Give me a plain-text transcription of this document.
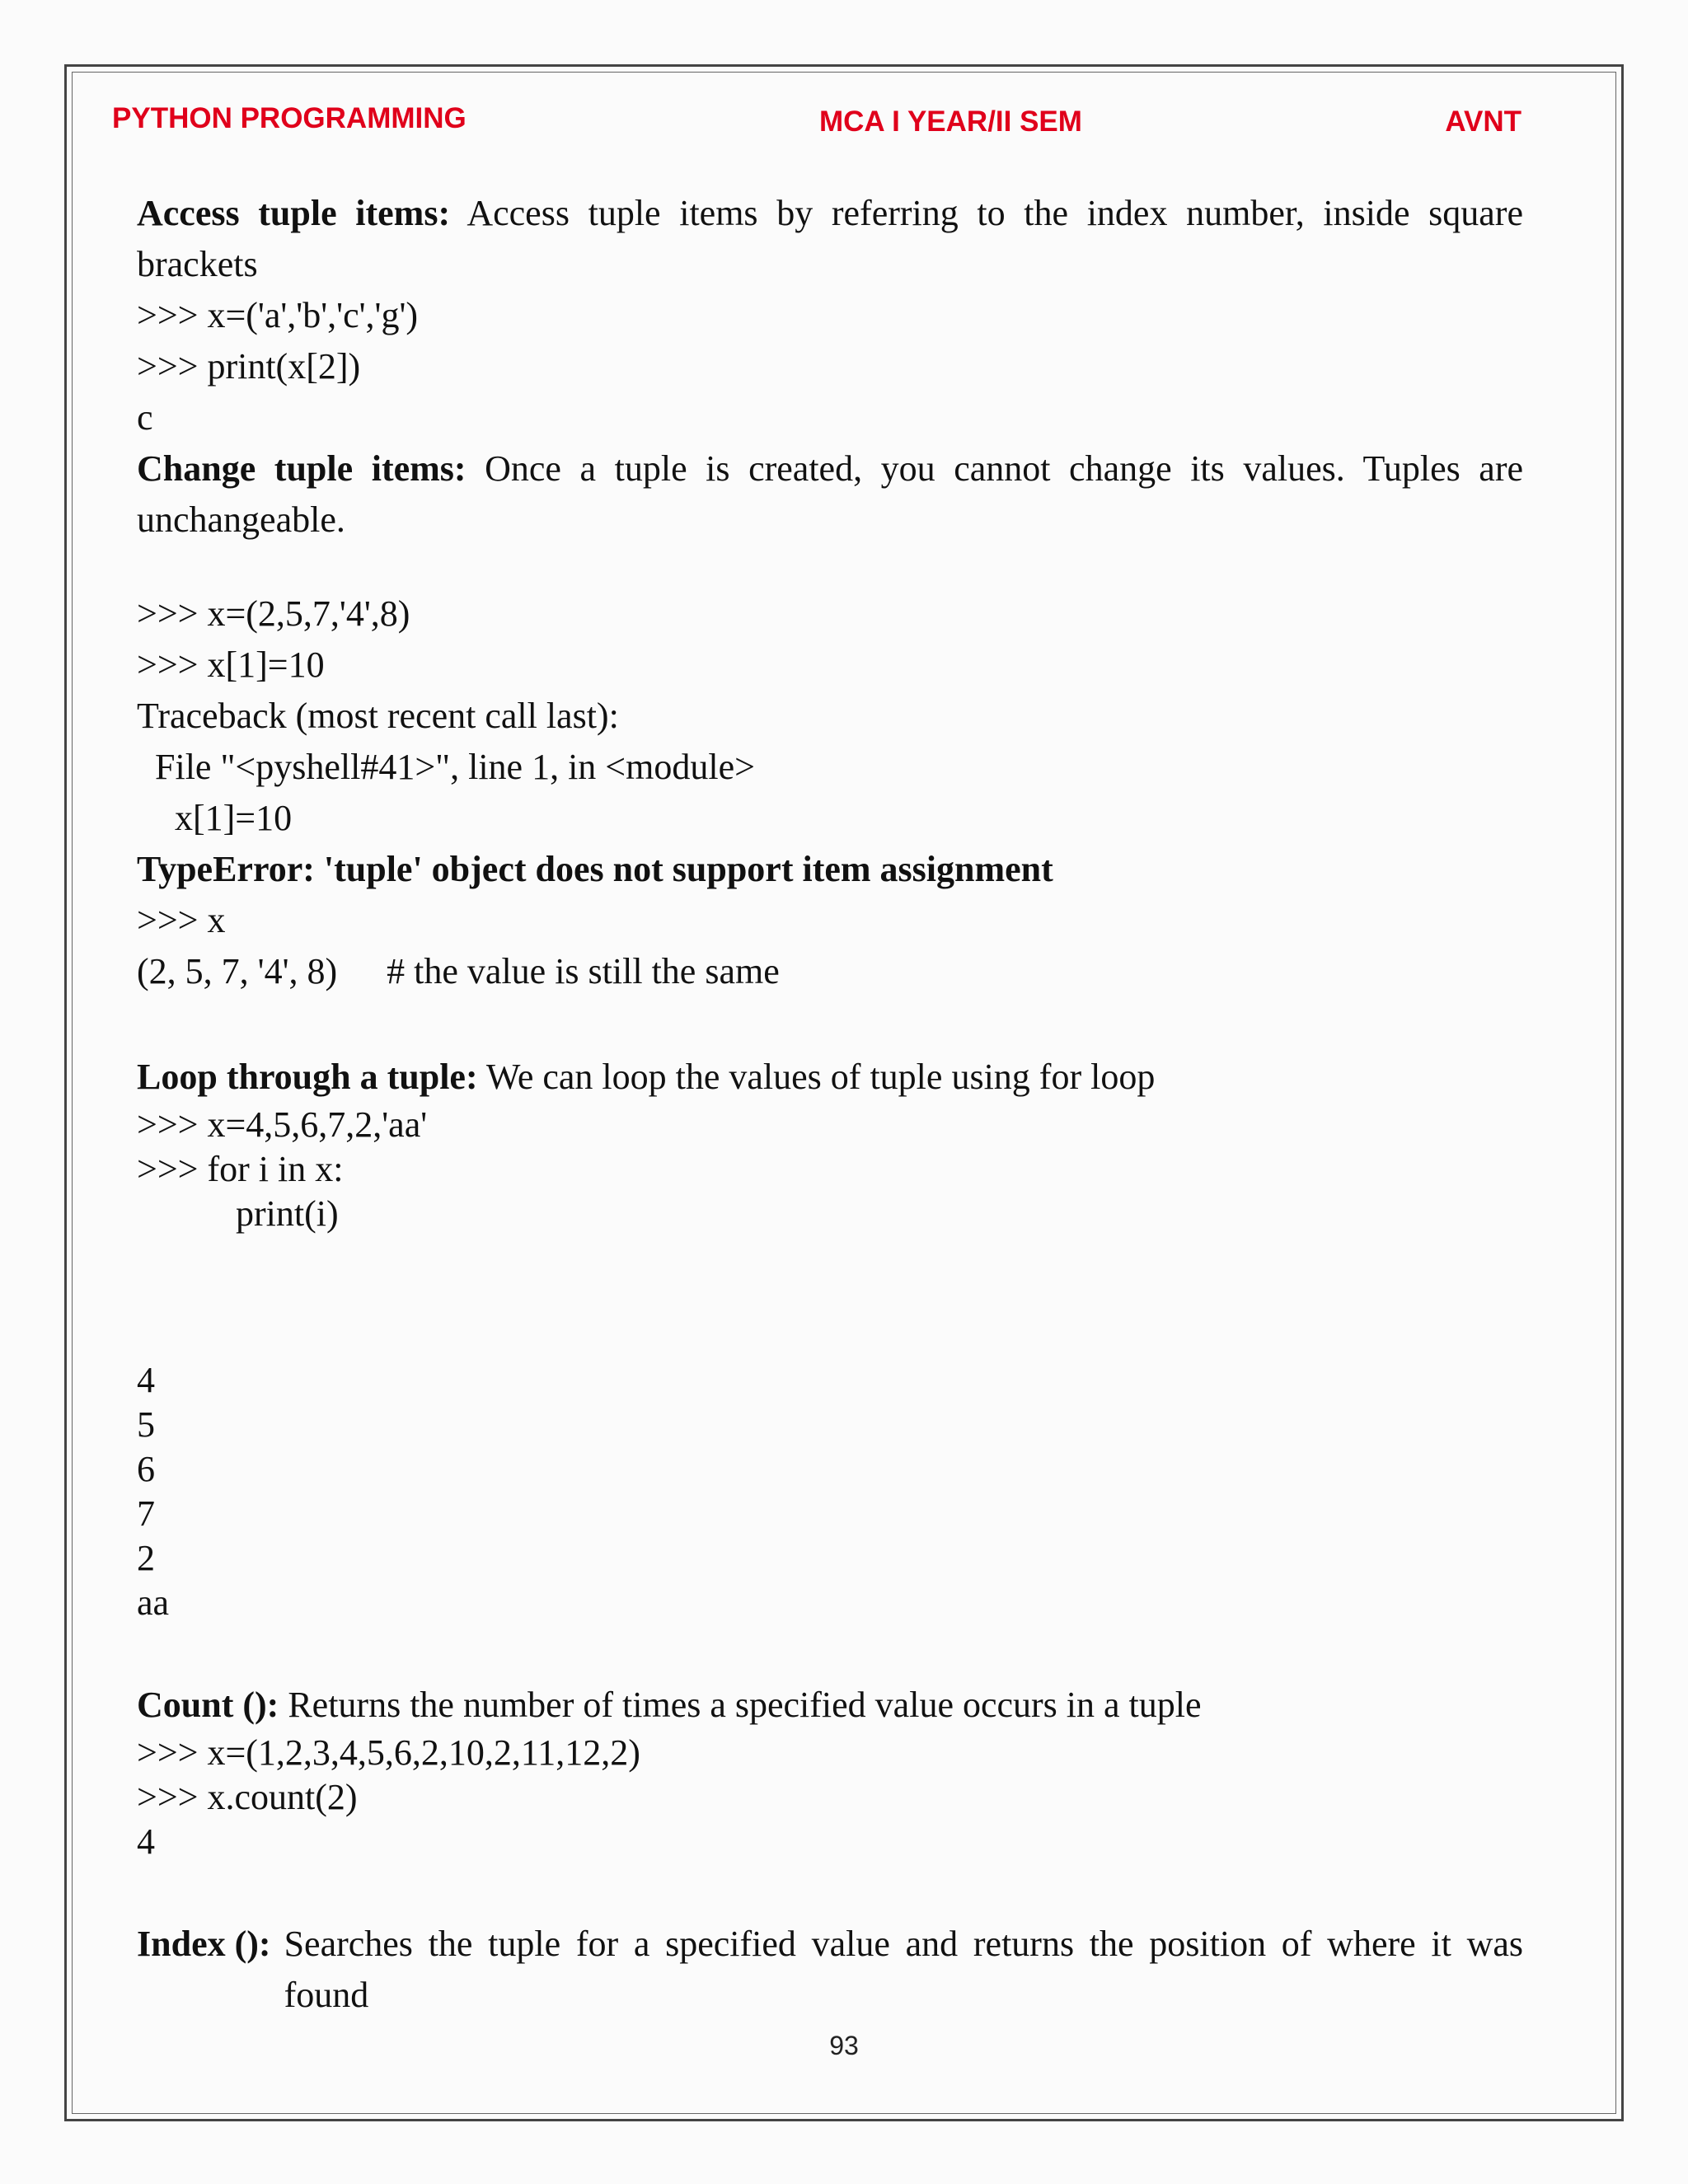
PYTHON PROGRAMMING	MCA I YEAR/II SEM	AVNT

Access tuple items: Access tuple items by referring to the index number, inside square brackets

>>> x=('a','b','c','g')

>>> print(x[2])

c

Change tuple items: Once a tuple is created, you cannot change its values. Tuples are unchangeable.

>>> x=(2,5,7,'4',8)

>>> x[1]=10

Traceback (most recent call last):

File "<pyshell#41>", line 1, in <module>

x[1]=10

TypeError: 'tuple' object does not support item assignment

>>> x

(2, 5, 7, '4', 8) # the value is still the same

Loop through a tuple: We can loop the values of tuple using for loop

>>> x=4,5,6,7,2,'aa'

>>> for i in x:

print(i)

4

5

6

7

2

aa

Count (): Returns the number of times a specified value occurs in a tuple

>>> x=(1,2,3,4,5,6,2,10,2,11,12,2)

>>> x.count(2)

4

Index (): Searches the tuple for a specified value and returns the position of where it was found
93
